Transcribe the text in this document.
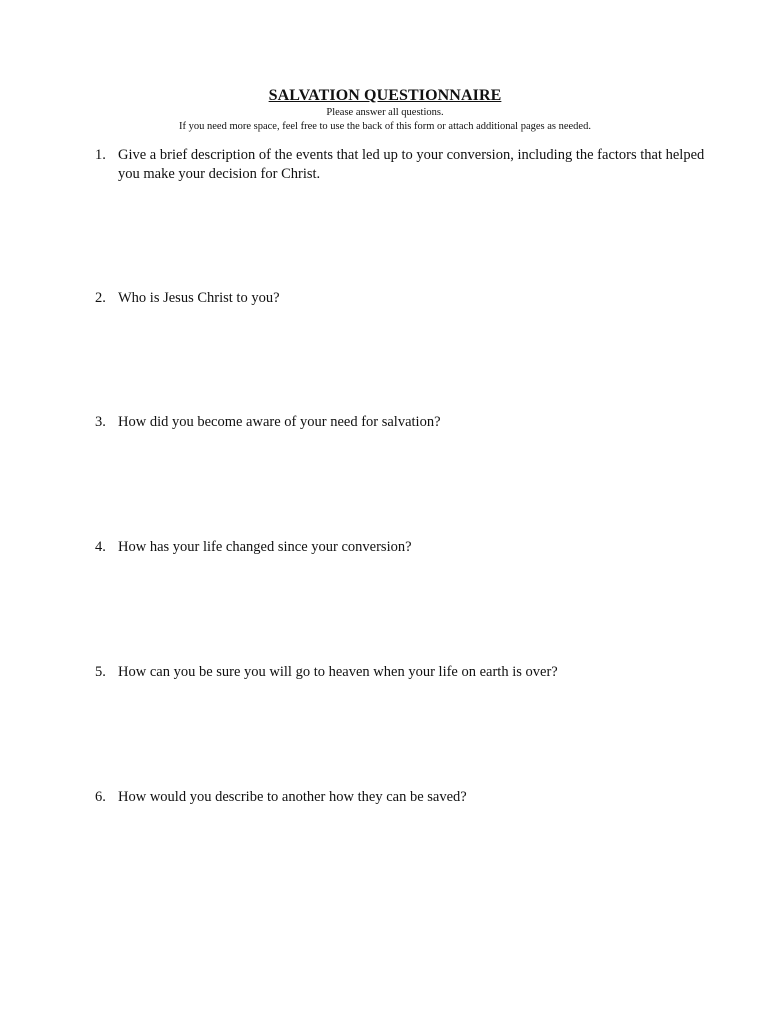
SALVATION QUESTIONNAIRE

Please answer all questions.

If you need more space, feel free to use the back of this form or attach additional pages as needed.

1. Give a brief description of the events that led up to your conversion, including the factors that helped you make your decision for Christ.
2. Who is Jesus Christ to you?
3. How did you become aware of your need for salvation?
4. How has your life changed since your conversion?
5. How can you be sure you will go to heaven when your life on earth is over?
6. How would you describe to another how they can be saved?
